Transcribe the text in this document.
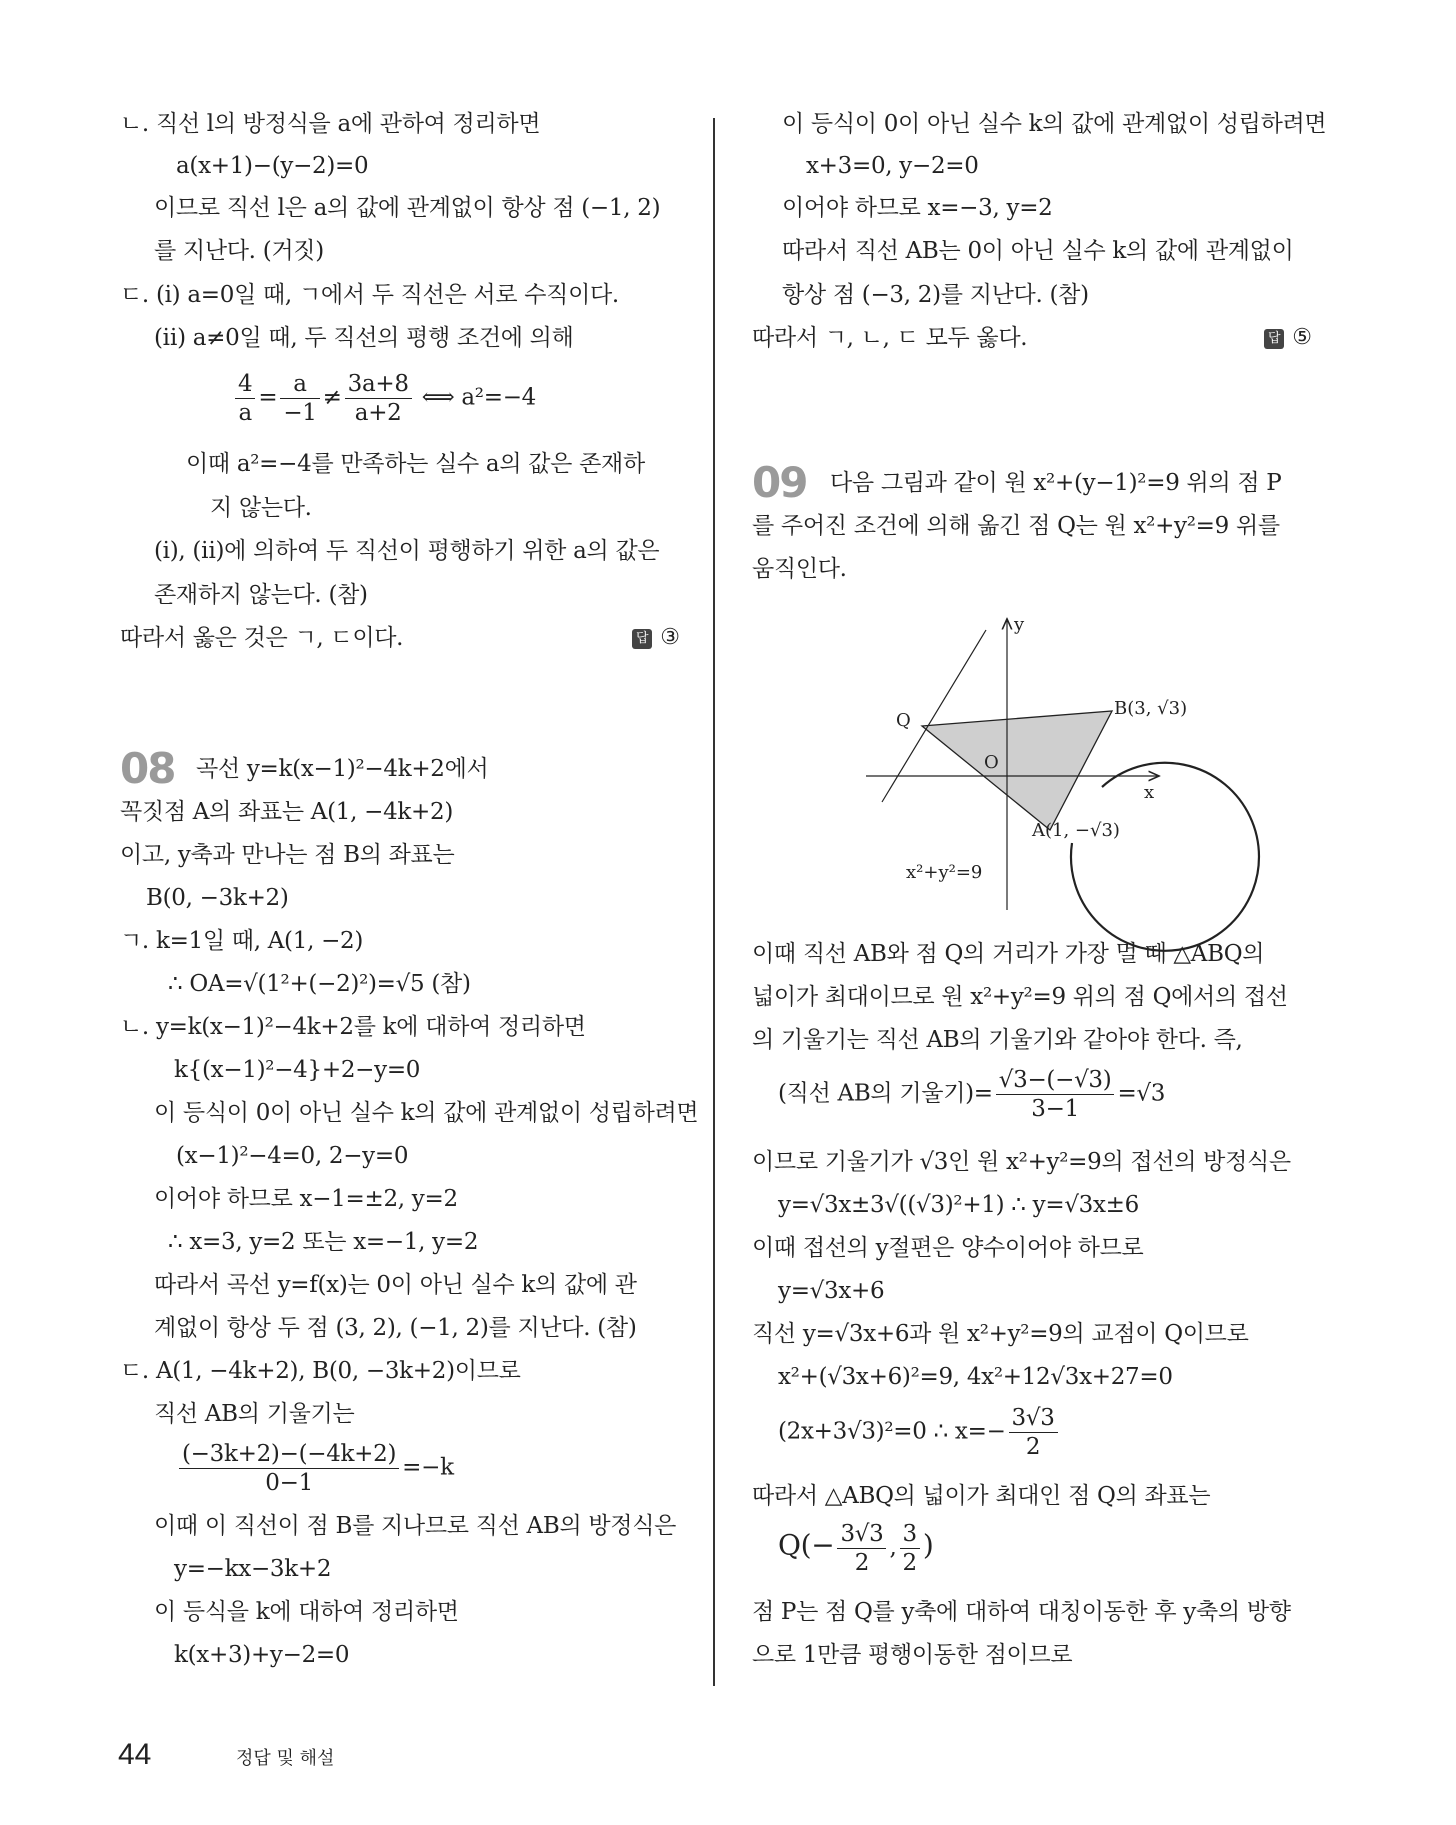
ㄴ. 직선 l의 방정식을 a에 관하여 정리하면
a(x+1)−(y−2)=0
이므로 직선 l은 a의 값에 관계없이 항상 점 (−1, 2)
를 지난다. (거짓)
ㄷ. (ⅰ) a=0일 때, ㄱ에서 두 직선은 서로 수직이다.
(ⅱ) a≠0일 때, 두 직선의 평행 조건에 의해
$\frac{4}{a} = \frac{a}{-1} \ne \frac{3a+8}{a+2}$ ⟺ a²=−4
이때 a²=−4를 만족하는 실수 a의 값은 존재하
지 않는다.
(ⅰ), (ⅱ)에 의하여 두 직선이 평행하기 위한 a의 값은
존재하지 않는다. (참)
따라서 옳은 것은 ㄱ, ㄷ이다.	답 ③
08 곡선 y=k(x−1)²−4k+2에서
꼭짓점 A의 좌표는 A(1, −4k+2)
이고, y축과 만나는 점 B의 좌표는
B(0, −3k+2)
ㄱ. k=1일 때, A(1, −2)
∴ OA=√(1²+(−2)²)=√5 (참)
ㄴ. y=k(x−1)²−4k+2를 k에 대하여 정리하면
k{(x−1)²−4}+2−y=0
이 등식이 0이 아닌 실수 k의 값에 관계없이 성립하려면
(x−1)²−4=0, 2−y=0
이어야 하므로 x−1=±2, y=2
∴ x=3, y=2 또는 x=−1, y=2
따라서 곡선 y=f(x)는 0이 아닌 실수 k의 값에 관
계없이 항상 두 점 (3, 2), (−1, 2)를 지난다. (참)
ㄷ. A(1, −4k+2), B(0, −3k+2)이므로
직선 AB의 기울기는
$\frac{(-3k+2)-(-4k+2)}{0-1} =-k$
이때 이 직선이 점 B를 지나므로 직선 AB의 방정식은
y=−kx−3k+2
이 등식을 k에 대하여 정리하면
k(x+3)+y−2=0
이 등식이 0이 아닌 실수 k의 값에 관계없이 성립하려면
x+3=0, y−2=0
이어야 하므로 x=−3, y=2
따라서 직선 AB는 0이 아닌 실수 k의 값에 관계없이
항상 점 (−3, 2)를 지난다. (참)
따라서 ㄱ, ㄴ, ㄷ 모두 옳다.	답 ⑤
09 다음 그림과 같이 원 x²+(y−1)²=9 위의 점 P
를 주어진 조건에 의해 옮긴 점 Q는 원 x²+y²=9 위를
움직인다.
이때 직선 AB와 점 Q의 거리가 가장 멀 때 △ABQ의
넓이가 최대이므로 원 x²+y²=9 위의 점 Q에서의 접선
의 기울기는 직선 AB의 기울기와 같아야 한다. 즉,
(직선 AB의 기울기)= $\frac{√3-(-√3)}{3-1} =√3$
이므로 기울기가 √3인 원 x²+y²=9의 접선의 방정식은
y=√3x±3√((√3)²+1) ∴ y=√3x±6
이때 접선의 y절편은 양수이어야 하므로
y=√3x+6
직선 y=√3x+6과 원 x²+y²=9의 교점이 Q이므로
x²+(√3x+6)²=9, 4x²+12√3x+27=0
(2x+3√3)²=0 ∴ $x=- \frac{3√3}{2}$
따라서 △ABQ의 넓이가 최대인 점 Q의 좌표는
$Q(- \frac{3√3}{2}$ , $\frac{3}{2}$ )
점 P는 점 Q를 y축에 대하여 대칭이동한 후 y축의 방향
으로 1만큼 평행이동한 점이므로
y
x
O
Q
B(3, √3)
A(1, −√3)
x²+y²=9
44	정답 및 해설
